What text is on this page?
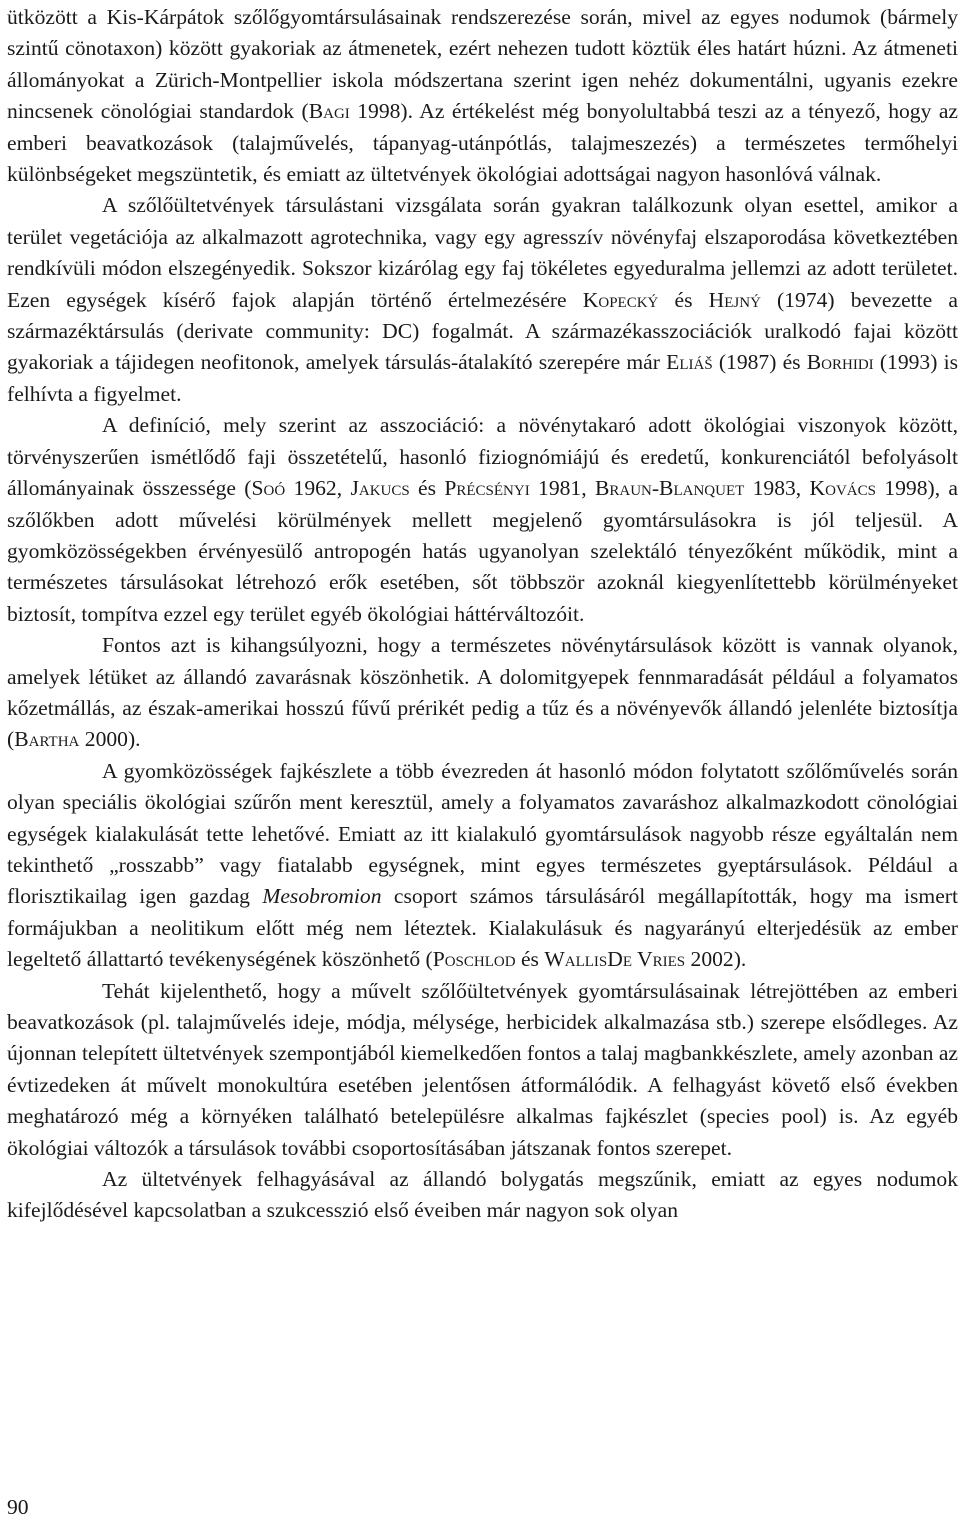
ütközött a Kis-Kárpátok szőlőgyomtársulásainak rendszerezése során, mivel az egyes nodumok (bármely szintű cönotaxon) között gyakoriak az átmenetek, ezért nehezen tudott köztük éles határt húzni. Az átmeneti állományokat a Zürich-Montpellier iskola módszertana szerint igen nehéz dokumentálni, ugyanis ezekre nincsenek cönológiai standardok (Bagi 1998). Az értékelést még bonyolultabbá teszi az a tényező, hogy az emberi beavatkozások (talajművelés, tápanyag-utánpótlás, talajmeszezés) a természetes termőhelyi különbségeket megszüntetik, és emiatt az ültetvények ökológiai adottságai nagyon hasonlóvá válnak.

A szőlőültetvények társulástani vizsgálata során gyakran találkozunk olyan esettel, amikor a terület vegetációja az alkalmazott agrotechnika, vagy egy agresszív növényfaj elszaporodása következtében rendkívüli módon elszegényedik. Sokszor kizárólag egy faj tökéletes egyeduralma jellemzi az adott területet. Ezen egységek kísérő fajok alapján történő értelmezésére Kopecký és Hejný (1974) bevezette a származéktársulás (derivate community: DC) fogalmát. A származékasszociációk uralkodó fajai között gyakoriak a tájidegen neofitonok, amelyek társulás-átalakító szerepére már Eliáš (1987) és Borhidi (1993) is felhívta a figyelmet.

A definíció, mely szerint az asszociáció: a növénytakaró adott ökológiai viszonyok között, törvényszerűen ismétlődő faji összetételű, hasonló fiziognómiájú és eredetű, konkurenciától befolyásolt állományainak összessége (Soó 1962, Jakucs és Précsényi 1981, Braun-Blanquet 1983, Kovács 1998), a szőlőkben adott művelési körülmények mellett megjelenő gyomtársulásokra is jól teljesül. A gyomközösségekben érvényesülő antropogén hatás ugyanolyan szelektáló tényezőként működik, mint a természetes társulásokat létrehozó erők esetében, sőt többször azoknál kiegyenlítettebb körülményeket biztosít, tompítva ezzel egy terület egyéb ökológiai háttérváltozóit.

Fontos azt is kihangsúlyozni, hogy a természetes növénytársulások között is vannak olyanok, amelyek létüket az állandó zavarásnak köszönhetik. A dolomitgyepek fennmaradását például a folyamatos kőzetmállás, az észak-amerikai hosszú fűvű prérikét pedig a tűz és a növényevők állandó jelenléte biztosítja (Bartha 2000).

A gyomközösségek fajkészlete a több évezreden át hasonló módon folytatott szőlőművelés során olyan speciális ökológiai szűrőn ment keresztül, amely a folyamatos zavaráshoz alkalmazkodott cönológiai egységek kialakulását tette lehetővé. Emiatt az itt kialakuló gyomtársulások nagyobb része egyáltalán nem tekinthető „rosszabb” vagy fiatalabb egységnek, mint egyes természetes gyeptársulások. Például a florisztikailag igen gazdag Mesobromion csoport számos társulásáról megállapították, hogy ma ismert formájukban a neolitikum előtt még nem léteztek. Kialakulásuk és nagyarányú elterjedésük az ember legeltető állattartó tevékenységének köszönhető (Poschlod és WallisDe Vries 2002).

Tehát kijelenthető, hogy a művelt szőlőültetvények gyomtársulásainak létrejöttében az emberi beavatkozások (pl. talajművelés ideje, módja, mélysége, herbicidek alkalmazása stb.) szerepe elsődleges. Az újonnan telepített ültetvények szempontjából kiemelkedően fontos a talaj magbankkészlete, amely azonban az évtizedeken át művelt monokultúra esetében jelentősen átformálódik. A felhagyást követő első években meghatározó még a környéken található betelepülésre alkalmas fajkészlet (species pool) is. Az egyéb ökológiai változók a társulások további csoportosításában játszanak fontos szerepet.

Az ültetvények felhagyásával az állandó bolygatás megszűnik, emiatt az egyes nodumok kifejlődésével kapcsolatban a szukcesszió első éveiben már nagyon sok olyan

90
